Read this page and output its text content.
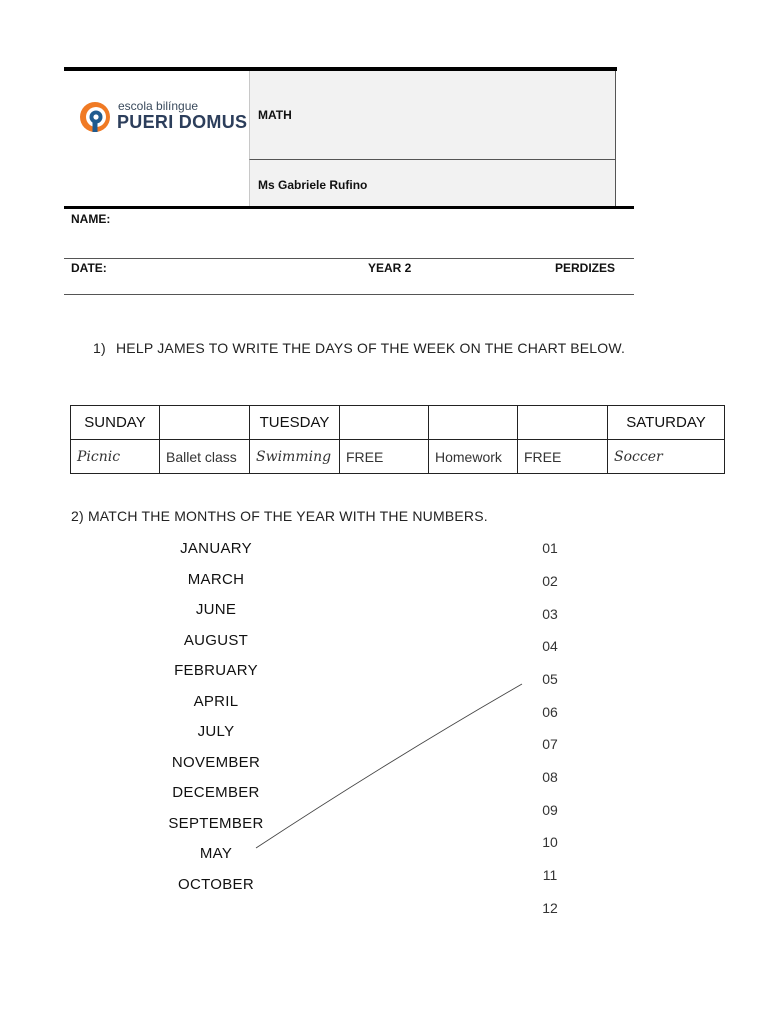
escola bilíngue
PUERI DOMUS MATH
Ms Gabriele Rufino
NAME:
DATE:	YEAR 2	PERDIZES
1) HELP JAMES TO WRITE THE DAYS OF THE WEEK ON THE CHART BELOW.
SUNDAY		TUESDAY				SATURDAY
Picnic	Ballet class	Swimming	FREE	Homework	FREE	Soccer
2) MATCH THE MONTHS OF THE YEAR WITH THE NUMBERS.
JANUARY
MARCH
JUNE
AUGUST
FEBRUARY
APRIL
JULY
NOVEMBER
DECEMBER
SEPTEMBER
MAY
OCTOBER
01
02
03
04
05
06
07
08
09
10
11
12
